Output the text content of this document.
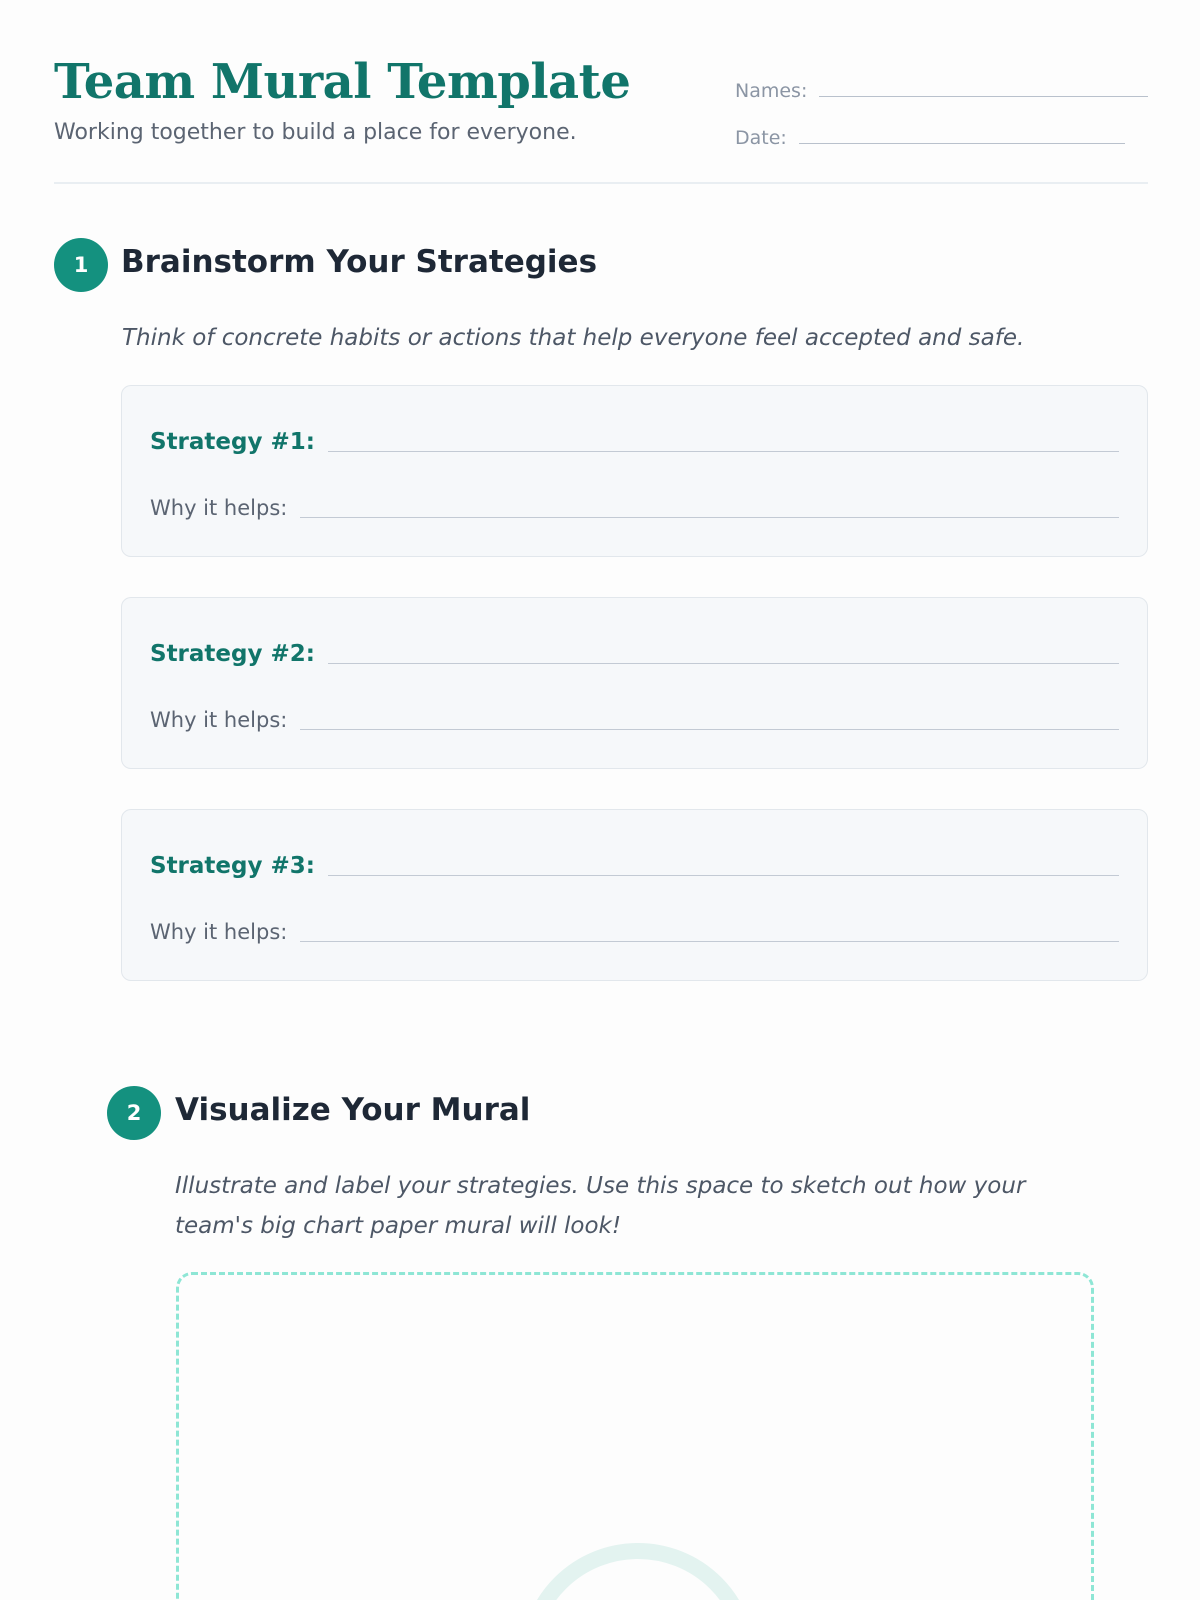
Team Mural Template
Working together to build a place for everyone.
Names:
Date:
1	Brainstorm Your Strategies
Think of concrete habits or actions that help everyone feel accepted and safe.
Strategy #1:
Why it helps:
Strategy #2:
Why it helps:
Strategy #3:
Why it helps:
2	Visualize Your Mural
Illustrate and label your strategies. Use this space to sketch out how your team's big chart paper mural will look!
